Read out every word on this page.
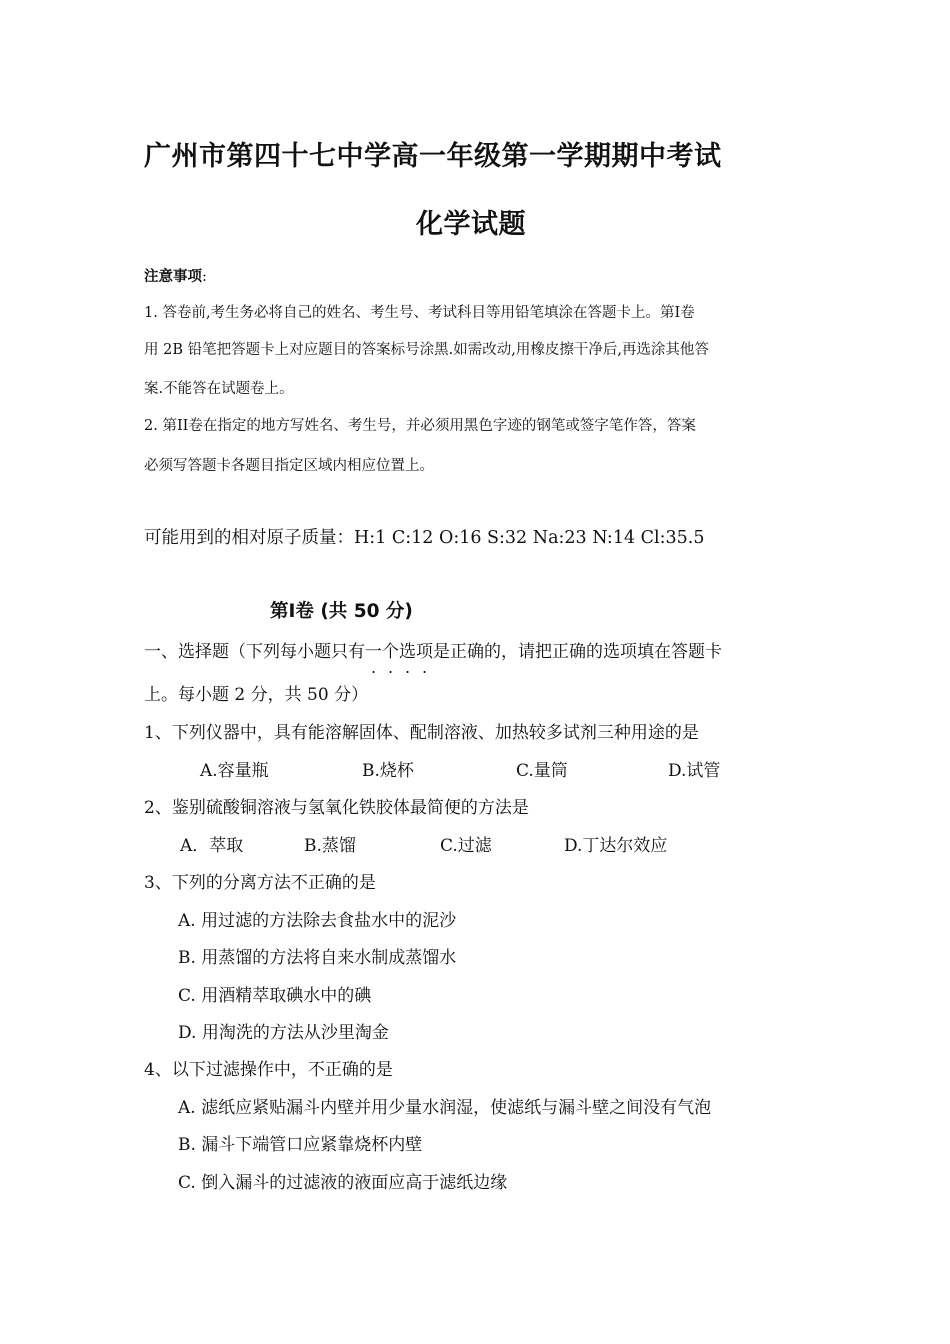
广州市第四十七中学高一年级第一学期期中考试
化学试题
注意事项:
1. 答卷前,考生务必将自己的姓名、考生号、考试科目等用铅笔填涂在答题卡上。第Ⅰ卷
用 2B 铅笔把答题卡上对应题目的答案标号涂黑.如需改动,用橡皮擦干净后,再选涂其他答
案.不能答在试题卷上。
2. 第II卷在指定的地方写姓名、考生号，并必须用黑色字迹的钢笔或签字笔作答，答案
必须写答题卡各题目指定区域内相应位置上。
可能用到的相对原子质量：H:1 C:12 O:16 S:32 Na:23 N:14 Cl:35.5
第Ⅰ卷 (共 50 分)
一、选择题（下列每小题只有一个选项是正确的，请把正确的选项填在答题卡
上。每小题 2 分，共 50 分）
1、下列仪器中，具有能溶解固体、配制溶液、加热较多试剂三种用途的是
A.容量瓶	B.烧杯	C.量筒	D.试管
2、鉴别硫酸铜溶液与氢氧化铁胶体最简便的方法是
A．萃取	B.蒸馏	C.过滤	D.丁达尔效应
3、下列的分离方法不正确的是
A. 用过滤的方法除去食盐水中的泥沙
B. 用蒸馏的方法将自来水制成蒸馏水
C. 用酒精萃取碘水中的碘
D. 用淘洗的方法从沙里淘金
4、以下过滤操作中，不正确的是
A. 滤纸应紧贴漏斗内壁并用少量水润湿，使滤纸与漏斗壁之间没有气泡
B. 漏斗下端管口应紧靠烧杯内壁
C. 倒入漏斗的过滤液的液面应高于滤纸边缘
